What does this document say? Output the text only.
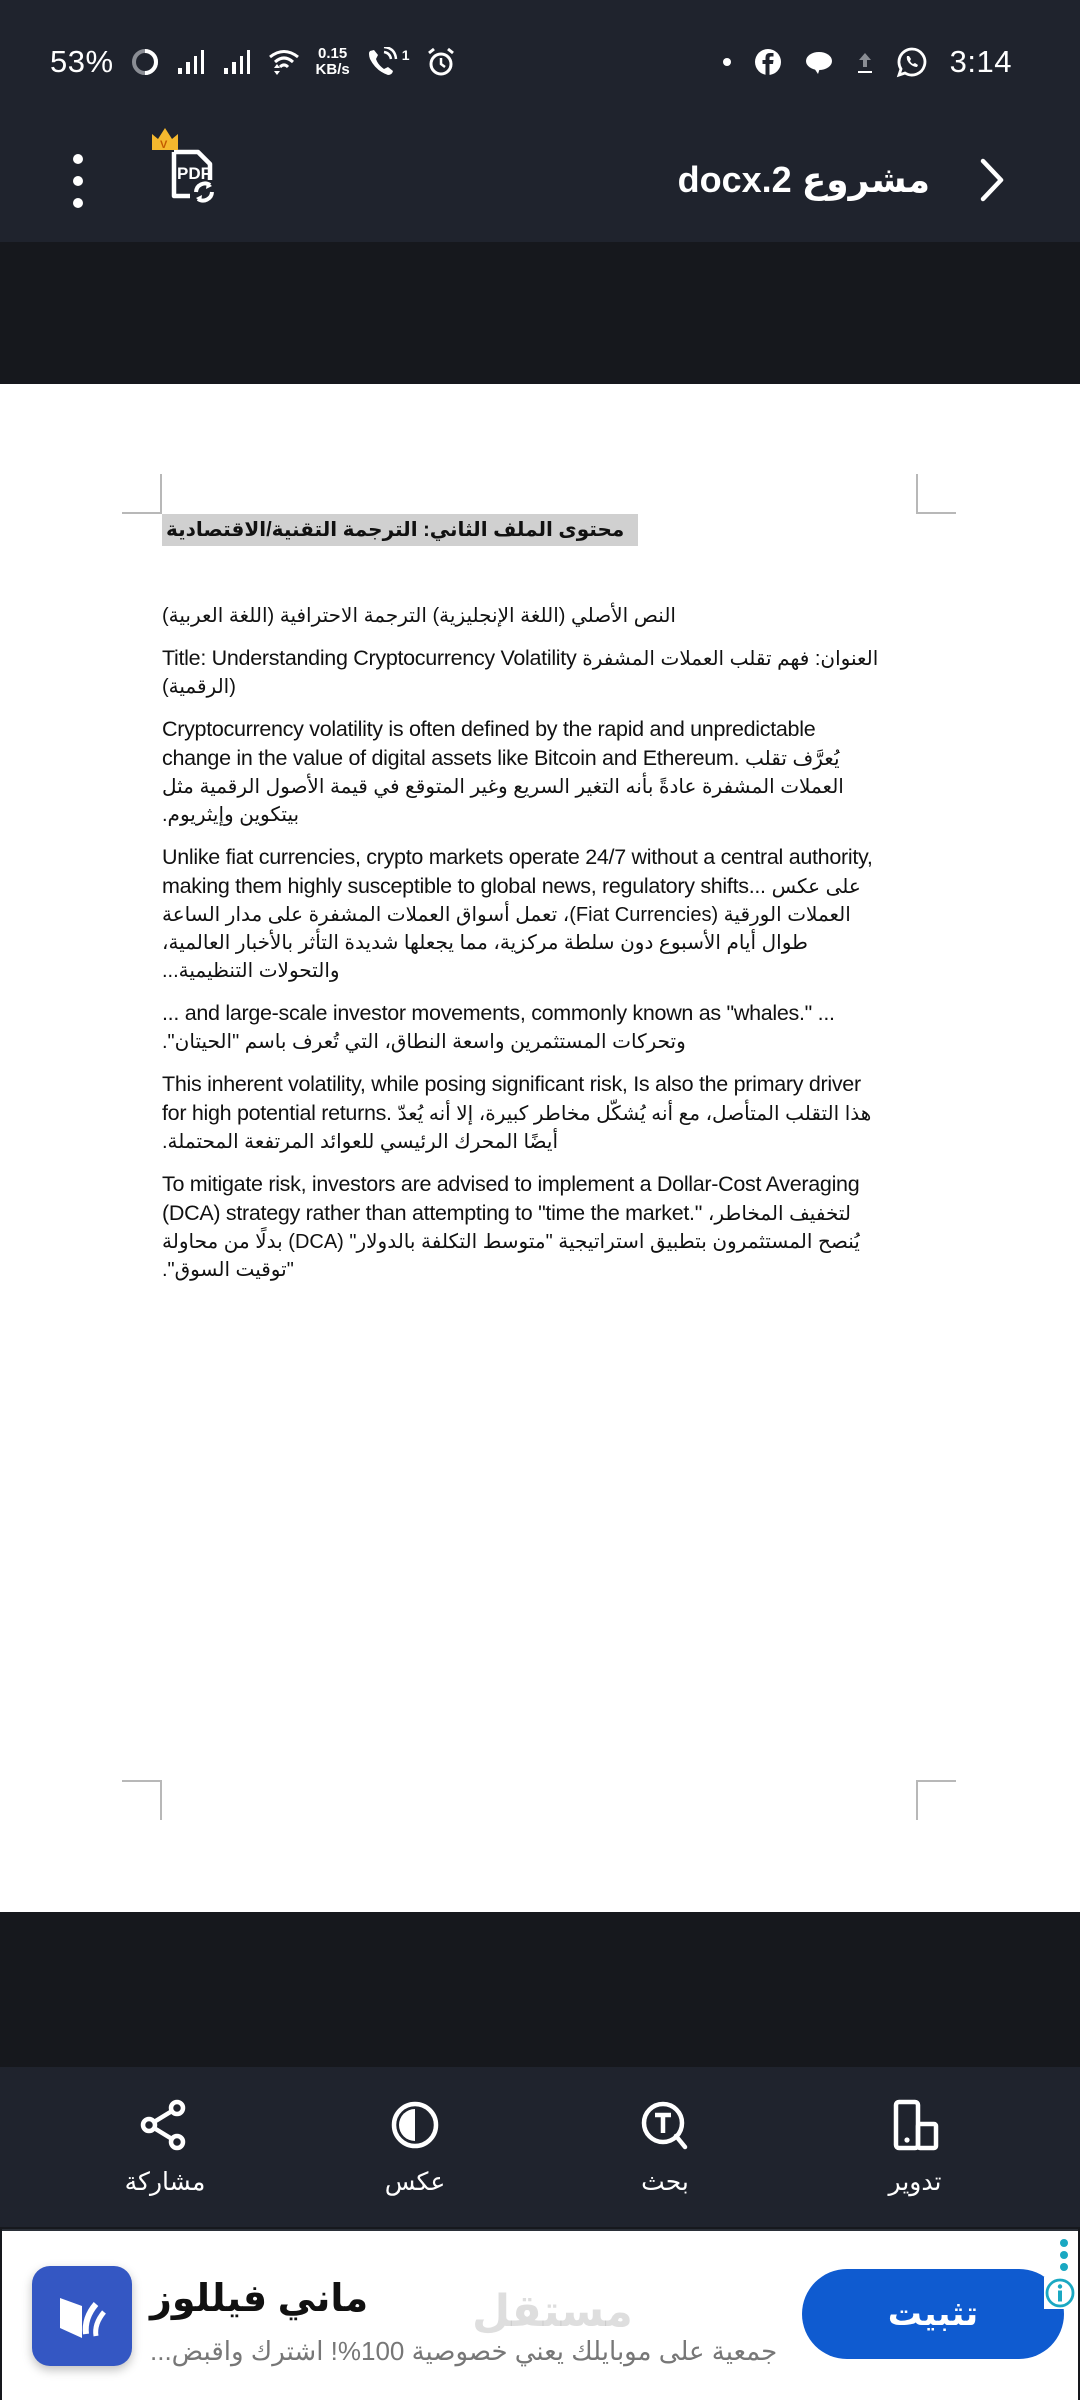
53%	0.15
KB/s
1	3:14
PDF
V
مشروع 2.docx
محتوى الملف الثاني: الترجمة التقنية/الاقتصادية
النص الأصلي (اللغة الإنجليزية) الترجمة الاحترافية (اللغة العربية)

Title: Understanding Cryptocurrency Volatility العنوان: فهم تقلب العملات المشفرة (الرقمية)

Cryptocurrency volatility is often defined by the rapid and unpredictable change in the value of digital assets like Bitcoin and Ethereum. يُعرَّف تقلب العملات المشفرة عادةً بأنه التغير السريع وغير المتوقع في قيمة الأصول الرقمية مثل بيتكوين وإيثريوم.

Unlike fiat currencies, crypto markets operate 24/7 without a central authority, making them highly susceptible to global news, regulatory shifts... على عكس العملات الورقية (Fiat Currencies)، تعمل أسواق العملات المشفرة على مدار الساعة طوال أيام الأسبوع دون سلطة مركزية، مما يجعلها شديدة التأثر بالأخبار العالمية، والتحولات التنظيمية...

... and large-scale investor movements, commonly known as "whales." ... وتحركات المستثمرين واسعة النطاق، التي تُعرف باسم "الحيتان".

This inherent volatility, while posing significant risk, Is also the primary driver for high potential returns. هذا التقلب المتأصل، مع أنه يُشكّل مخاطر كبيرة، إلا أنه يُعدّ أيضًا المحرك الرئيسي للعوائد المرتفعة المحتملة.

To mitigate risk, investors are advised to implement a Dollar-Cost Averaging (DCA) strategy rather than attempting to "time the market." لتخفيف المخاطر، يُنصح المستثمرون بتطبيق استراتيجية "متوسط التكلفة بالدولار" (DCA) بدلًا من محاولة "توقيت السوق".

تدوير
بحث
عكس
مشاركة
مستقل
ماني فيللوز
جمعية على موبايلك يعني خصوصية 100%! اشترك واقبض...
تثبيت
